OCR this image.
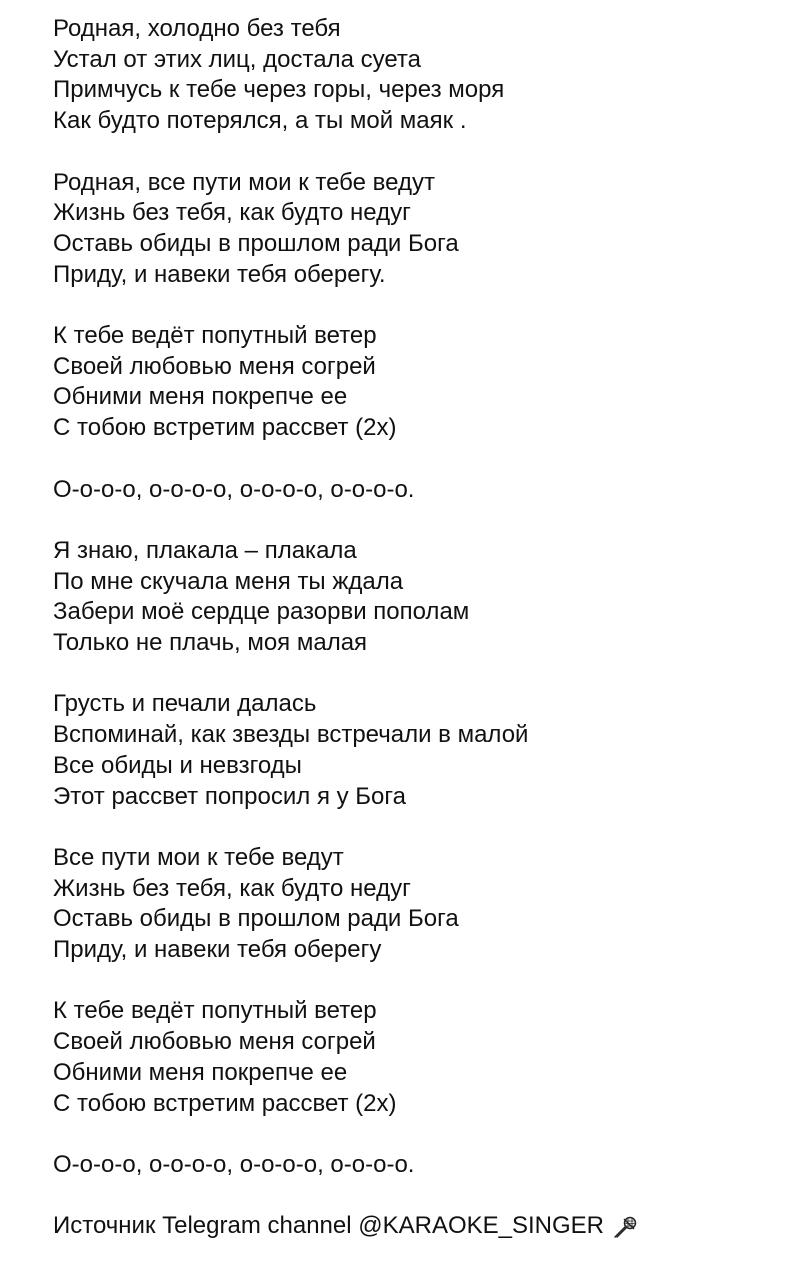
Родная, холодно без тебя
Устал от этих лиц, достала суета
Примчусь к тебе через горы, через моря
Как будто потерялся, а ты мой маяк .
Родная, все пути мои к тебе ведут
Жизнь без тебя, как будто недуг
Оставь обиды в прошлом ради Бога
Приду, и навеки тебя оберегу.
К тебе ведёт попутный ветер
Своей любовью меня согрей
Обними меня покрепче ее
С тобою встретим рассвет (2х)
О-о-о-о, о-о-о-о, о-о-о-о, о-о-о-о.
Я знаю, плакала – плакала
По мне скучала меня ты ждала
Забери моё сердце разорви пополам
Только не плачь, моя малая
Грусть и печали далась
Вспоминай, как звезды встречали в малой
Все обиды и невзгоды
Этот рассвет попросил я у Бога
Все пути мои к тебе ведут
Жизнь без тебя, как будто недуг
Оставь обиды в прошлом ради Бога
Приду, и навеки тебя оберегу
К тебе ведёт попутный ветер
Своей любовью меня согрей
Обними меня покрепче ее
С тобою встретим рассвет (2х)
О-о-о-о, о-о-о-о, о-о-о-о, о-о-о-о.
Источник Telegram channel @KARAOKE_SINGER
